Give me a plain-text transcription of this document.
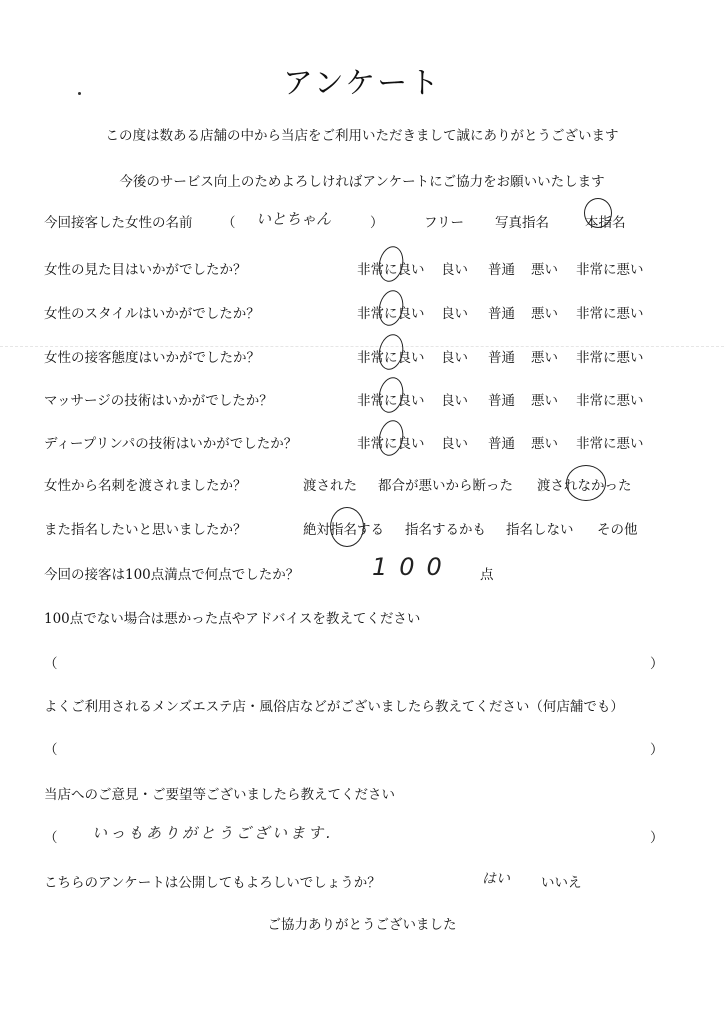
アンケート
この度は数ある店舗の中から当店をご利用いただきまして誠にありがとうございます
今後のサービス向上のためよろしければアンケートにご協力をお願いいたします
今回接客した女性の名前 （ いとちゃん	）	フリー 写真指名	本指名
女性の見た目はいかがでしたか？	非常に良い 良い 普通 悪い 非常に悪い
女性のスタイルはいかがでしたか？	非常に良い 良い 普通 悪い 非常に悪い
女性の接客態度はいかがでしたか？	非常に良い 良い 普通 悪い 非常に悪い
マッサージの技術はいかがでしたか？	非常に良い 良い 普通 悪い 非常に悪い
ディープリンパの技術はいかがでしたか？	非常に良い 良い 普通 悪い 非常に悪い
女性から名刺を渡されましたか？	渡された 都合が悪いから断った 渡されなかった
また指名したいと思いましたか？	絶対指名する 指名するかも 指名しない その他
今回の接客は100点満点で何点でしたか？	100 点
100点でない場合は悪かった点やアドバイスを教えてください
（	）
よくご利用されるメンズエステ店・風俗店などがございましたら教えてください（何店舗でも）
（	）
当店へのご意見・ご要望等ございましたら教えてください
（ いっもありがとうございます.	）
こちらのアンケートは公開してもよろしいでしょうか？	はい いいえ
ご協力ありがとうございました
